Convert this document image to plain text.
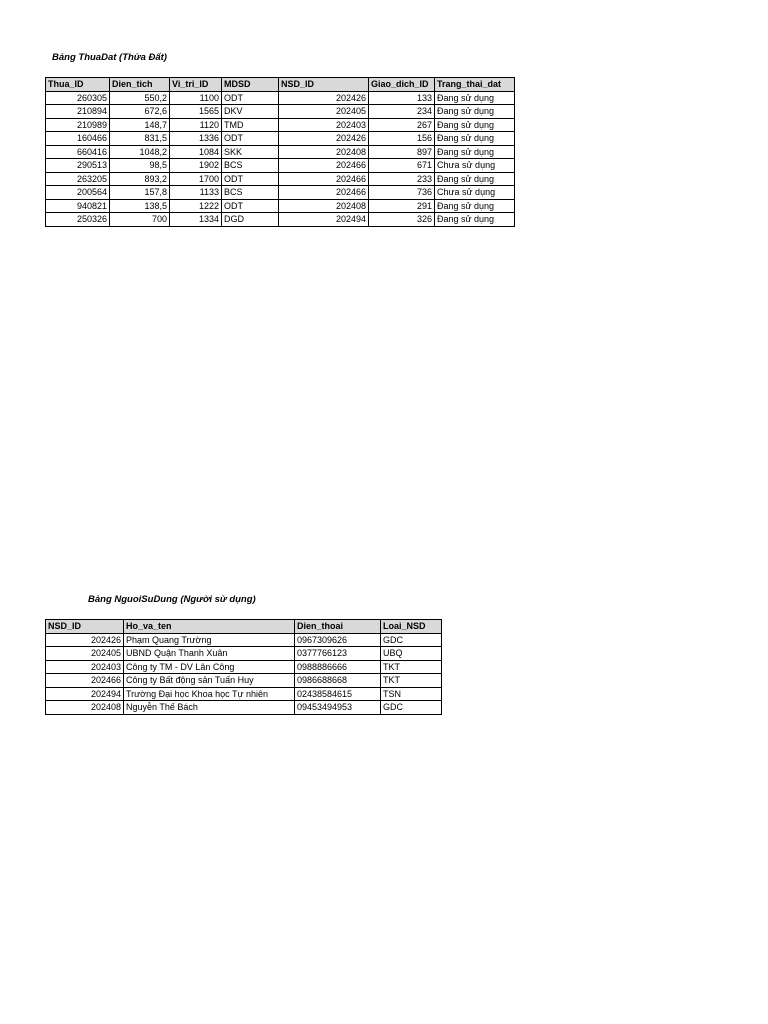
Bảng ThuaDat (Thửa Đất)
Thua_ID	Dien_tich	Vi_tri_ID	MDSD	NSD_ID	Giao_dich_ID	Trang_thai_dat
260305	550,2	1100	ODT	202426	133	Đang sử dụng
210894	672,6	1565	DKV	202405	234	Đang sử dụng
210989	148,7	1120	TMD	202403	267	Đang sử dụng
160466	831,5	1336	ODT	202426	156	Đang sử dụng
660416	1048,2	1084	SKK	202408	897	Đang sử dụng
290513	98,5	1902	BCS	202466	671	Chưa sử dụng
263205	893,2	1700	ODT	202466	233	Đang sử dụng
200564	157,8	1133	BCS	202466	736	Chưa sử dụng
940821	138,5	1222	ODT	202408	291	Đang sử dụng
250326	700	1334	DGD	202494	326	Đang sử dụng
Bảng NguoiSuDung (Người sử dụng)
NSD_ID	Ho_va_ten	Dien_thoai	Loai_NSD
202426	Phạm Quang Trường	0967309626	GDC
202405	UBND Quận Thanh Xuân	0377766123	UBQ
202403	Công ty TM - DV Lân Công	0988886666	TKT
202466	Công ty Bất động sản Tuấn Huy	0986688668	TKT
202494	Trường Đại học Khoa học Tự nhiên	02438584615	TSN
202408	Nguyễn Thế Bách	09453494953	GDC
